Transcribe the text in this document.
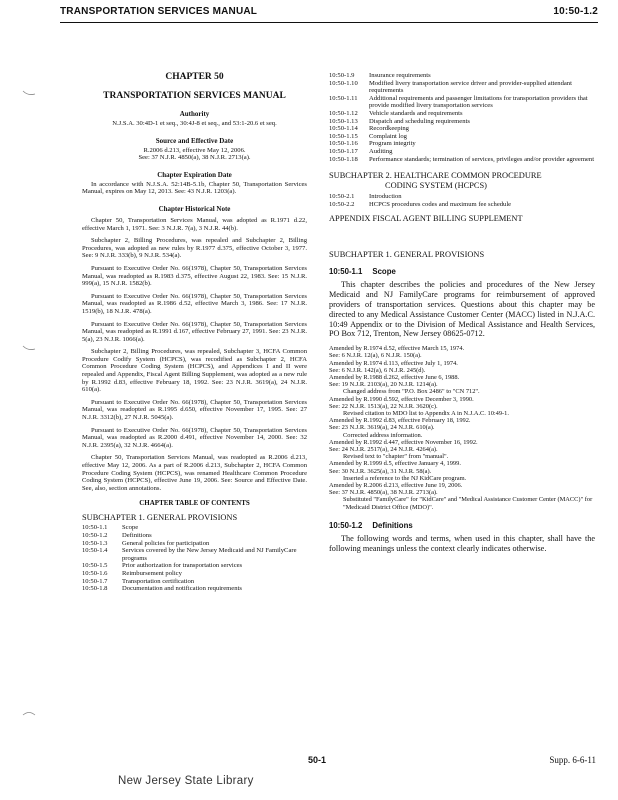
TRANSPORTATION SERVICES MANUAL	10:50-1.2

CHAPTER 50

TRANSPORTATION SERVICES MANUAL

Authority

N.J.S.A. 30:4D-1 et seq., 30:4J-8 et seq., and 53:1-20.6 et seq.

Source and Effective Date

R.2006 d.213, effective May 12, 2006.

See: 37 N.J.R. 4850(a), 38 N.J.R. 2713(a).

Chapter Expiration Date

In accordance with N.J.S.A. 52:14B-5.1b, Chapter 50, Transportation Services Manual, expires on May 12, 2013. See: 43 N.J.R. 1203(a).

Chapter Historical Note

Chapter 50, Transportation Services Manual, was adopted as R.1971 d.22, effective March 1, 1971. See: 3 N.J.R. 7(a), 3 N.J.R. 44(b).

Subchapter 2, Billing Procedures, was repealed and Subchapter 2, Billing Procedures, was adopted as new rules by R.1977 d.375, effective October 3, 1977. See: 9 N.J.R. 333(b), 9 N.J.R. 534(a).

Pursuant to Executive Order No. 66(1978), Chapter 50, Transportation Services Manual, was readopted as R.1983 d.375, effective August 22, 1983. See: 15 N.J.R. 999(a), 15 N.J.R. 1582(b).

Pursuant to Executive Order No. 66(1978), Chapter 50, Transportation Services Manual, was readopted as R.1986 d.52, effective March 3, 1986. See: 17 N.J.R. 1519(b), 18 N.J.R. 478(a).

Pursuant to Executive Order No. 66(1978), Chapter 50, Transportation Services Manual, was readopted as R.1991 d.167, effective February 27, 1991. See: 23 N.J.R. 5(a), 23 N.J.R. 1066(a).

Subchapter 2, Billing Procedures, was repealed, Subchapter 3, HCFA Common Procedure Codify System (HCPCS), was recodified as Subchapter 2, HCFA Common Procedure Coding System (HCPCS), and Appendices I and II were repealed and Appendix, Fiscal Agent Billing Supplement, was adopted as a new rule by R.1992 d.83, effective February 18, 1992. See: 23 N.J.R. 3619(a), 24 N.J.R. 610(a).

Pursuant to Executive Order No. 66(1978), Chapter 50, Transportation Services Manual, was readopted as R.1995 d.650, effective November 17, 1995. See: 27 N.J.R. 3312(b), 27 N.J.R. 5045(a).

Pursuant to Executive Order No. 66(1978), Chapter 50, Transportation Services Manual, was readopted as R.2000 d.491, effective November 14, 2000. See: 32 N.J.R. 2395(a), 32 N.J.R. 4664(a).

Chapter 50, Transportation Services Manual, was readopted as R.2006 d.213, effective May 12, 2006. As a part of R.2006 d.213, Subchapter 2, HCFA Common Procedure Coding System (HCPCS), was renamed Healthcare Common Procedure Coding System (HCPCS), effective June 19, 2006. See: Source and Effective Date. See, also, section annotations.

CHAPTER TABLE OF CONTENTS

SUBCHAPTER 1. GENERAL PROVISIONS

10:50-1.1	Scope
10:50-1.2	Definitions
10:50-1.3	General policies for participation
10:50-1.4	Services covered by the New Jersey Medicaid and NJ FamilyCare programs
10:50-1.5	Prior authorization for transportation services
10:50-1.6	Reimbursement policy
10:50-1.7	Transportation certification
10:50-1.8	Documentation and notification requirements
10:50-1.9	Insurance requirements
10:50-1.10	Modified livery transportation service driver and provider-supplied attendant requirements
10:50-1.11	Additional requirements and passenger limitations for transportation providers that provide modified livery transportation services
10:50-1.12	Vehicle standards and requirements
10:50-1.13	Dispatch and scheduling requirements
10:50-1.14	Recordkeeping
10:50-1.15	Complaint log
10:50-1.16	Program integrity
10:50-1.17	Auditing
10:50-1.18	Performance standards; termination of services, privileges and/or provider agreement

SUBCHAPTER 2. HEALTHCARE COMMON PROCEDURE

CODING SYSTEM (HCPCS)

10:50-2.1	Introduction
10:50-2.2	HCPCS procedures codes and maximum fee schedule

APPENDIX FISCAL AGENT BILLING SUPPLEMENT

SUBCHAPTER 1. GENERAL PROVISIONS

10:50-1.1 Scope

This chapter describes the policies and procedures of the New Jersey Medicaid and NJ FamilyCare programs for reimbursement of approved providers of transportation services. Questions about this chapter may be directed to any Medical Assistance Customer Center (MACC) listed in N.J.A.C. 10:49 Appendix or to the Division of Medical Assistance and Health Services, PO Box 712, Trenton, New Jersey 08625-0712.

Amended by R.1974 d.52, effective March 15, 1974.

See: 6 N.J.R. 12(a), 6 N.J.R. 150(a).

Amended by R.1974 d.113, effective July 1, 1974.

See: 6 N.J.R. 142(a), 6 N.J.R. 245(d).

Amended by R.1988 d.262, effective June 6, 1988.

See: 19 N.J.R. 2103(a), 20 N.J.R. 1214(a).

Changed address from "P.O. Box 2486" to "CN 712".

Amended by R.1990 d.592, effective December 3, 1990.

See: 22 N.J.R. 1513(a), 22 N.J.R. 3620(c).

Revised citation to MDO list to Appendix A in N.J.A.C. 10:49-1.

Amended by R.1992 d.83, effective February 18, 1992.

See: 23 N.J.R. 3619(a), 24 N.J.R. 610(a).

Corrected address information.

Amended by R.1992 d.447, effective November 16, 1992.

See: 24 N.J.R. 2517(a), 24 N.J.R. 4264(a).

Revised text to "chapter" from "manual".

Amended by R.1999 d.5, effective January 4, 1999.

See: 30 N.J.R. 3625(a), 31 N.J.R. 58(a).

Inserted a reference to the NJ KidCare program.

Amended by R.2006 d.213, effective June 19, 2006.

See: 37 N.J.R. 4850(a), 38 N.J.R. 2713(a).

Substituted "FamilyCare" for "KidCare" and "Medical Assistance Customer Center (MACC)" for "Medicaid District Office (MDO)".

10:50-1.2 Definitions

The following words and terms, when used in this chapter, shall have the following meanings unless the context clearly indicates otherwise.

50-1	Supp. 6-6-11
New Jersey State Library
